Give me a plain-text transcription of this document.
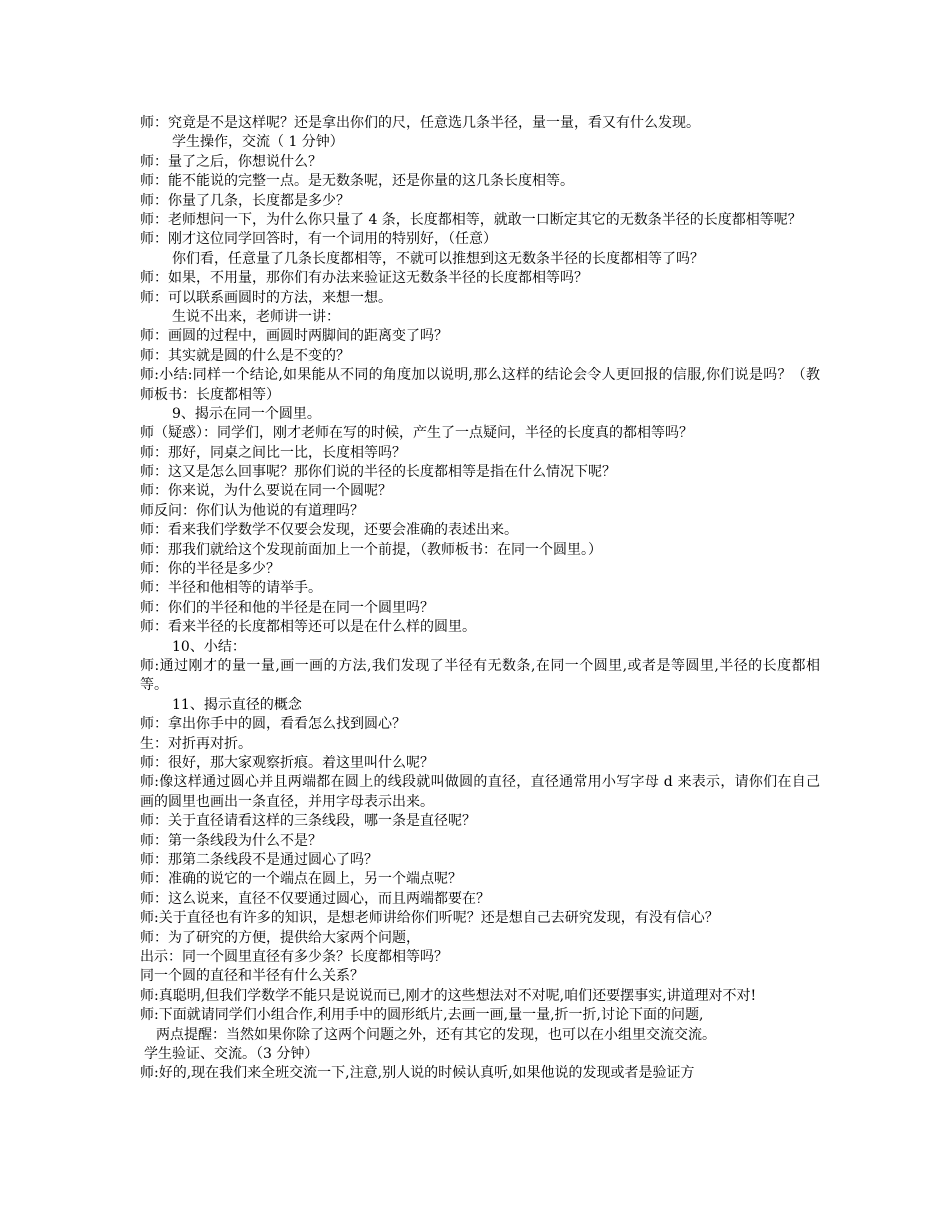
师：究竟是不是这样呢？还是拿出你们的尺，任意选几条半径，量一量，看又有什么发现。
学生操作，交流（ 1 分钟）
师：量了之后，你想说什么？
师：能不能说的完整一点。是无数条呢，还是你量的这几条长度相等。
师：你量了几条，长度都是多少？
师：老师想问一下，为什么你只量了 4 条，长度都相等，就敢一口断定其它的无数条半径的长度都相等呢？
师：刚才这位同学回答时，有一个词用的特别好，（任意）
你们看，任意量了几条长度都相等，不就可以推想到这无数条半径的长度都相等了吗？
师：如果，不用量，那你们有办法来验证这无数条半径的长度都相等吗？
师：可以联系画圆时的方法，来想一想。
生说不出来，老师讲一讲：
师：画圆的过程中，画圆时两脚间的距离变了吗？
师：其实就是圆的什么是不变的？
师:小结:同样一个结论,如果能从不同的角度加以说明,那么这样的结论会令人更回报的信服,你们说是吗？（教师板书：长度都相等）
9、揭示在同一个圆里。
师（疑惑）：同学们，刚才老师在写的时候，产生了一点疑问，半径的长度真的都相等吗？
师：那好，同桌之间比一比，长度相等吗？
师：这又是怎么回事呢？那你们说的半径的长度都相等是指在什么情况下呢？
师：你来说，为什么要说在同一个圆呢？
师反问：你们认为他说的有道理吗？
师：看来我们学数学不仅要会发现，还要会准确的表述出来。
师：那我们就给这个发现前面加上一个前提，（教师板书：在同一个圆里。）
师：你的半径是多少？
师：半径和他相等的请举手。
师：你们的半径和他的半径是在同一个圆里吗？
师：看来半径的长度都相等还可以是在什么样的圆里。
10、小结：
师:通过刚才的量一量,画一画的方法,我们发现了半径有无数条,在同一个圆里,或者是等圆里,半径的长度都相等。
11、揭示直径的概念
师：拿出你手中的圆，看看怎么找到圆心？
生：对折再对折。
师：很好，那大家观察折痕。着这里叫什么呢？
师:像这样通过圆心并且两端都在圆上的线段就叫做圆的直径，直径通常用小写字母 d 来表示，请你们在自己画的圆里也画出一条直径，并用字母表示出来。
师：关于直径请看这样的三条线段，哪一条是直径呢？
师：第一条线段为什么不是？
师：那第二条线段不是通过圆心了吗？
师：准确的说它的一个端点在圆上，另一个端点呢？
师：这么说来，直径不仅要通过圆心，而且两端都要在？
师:关于直径也有许多的知识，是想老师讲给你们听呢？还是想自己去研究发现，有没有信心？
师：为了研究的方便，提供给大家两个问题，
出示：同一个圆里直径有多少条？长度都相等吗？
同一个圆的直径和半径有什么关系？
师:真聪明,但我们学数学不能只是说说而已,刚才的这些想法对不对呢,咱们还要摆事实,讲道理对不对!
师:下面就请同学们小组合作,利用手中的圆形纸片,去画一画,量一量,折一折,讨论下面的问题,
两点提醒：当然如果你除了这两个问题之外，还有其它的发现，也可以在小组里交流交流。
学生验证、交流。（3 分钟）
师:好的,现在我们来全班交流一下,注意,别人说的时候认真听,如果他说的发现或者是验证方
